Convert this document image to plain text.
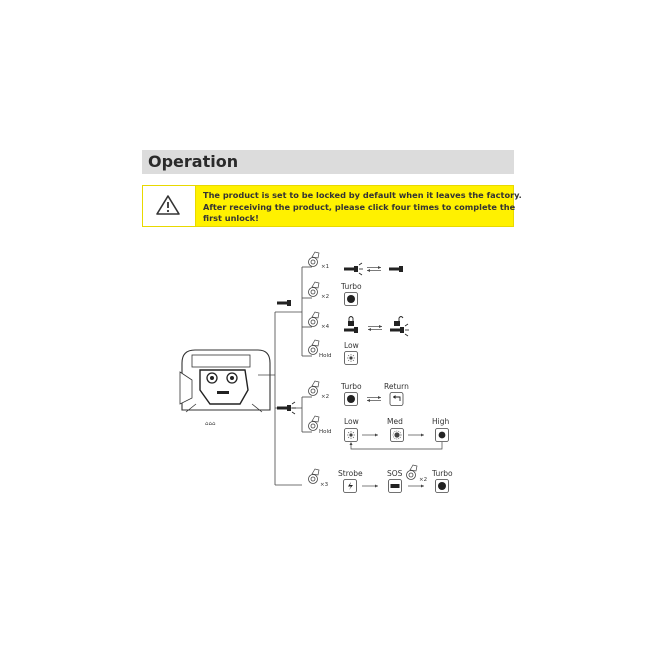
Operation
The product is set to be locked by default when it leaves the factory.
After receiving the product, please click four times to complete the
first unlock!
⌂⌂⌂
×1
×2
Turbo
×4
Hold
Low
×2
Turbo	Return
Hold
Low	Med	High
×3
Strobe	SOS
×2
Turbo
